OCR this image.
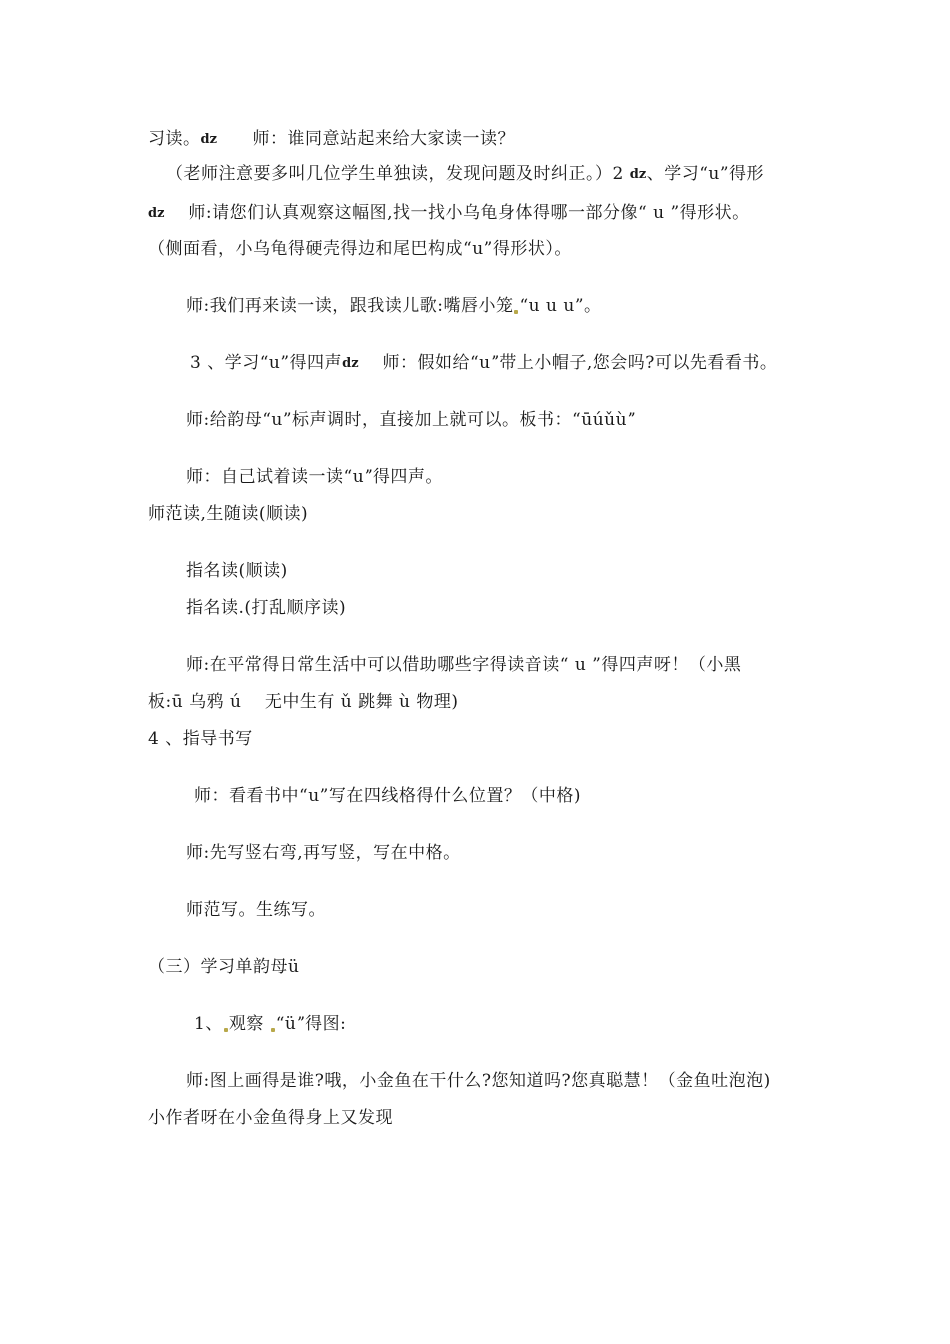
习读。ǳ　　师：谁同意站起来给大家读一读？
（老师注意要多叫几位学生单独读，发现问题及时纠正。）2 ǳ、学习“u”得形
ǳ　 师:请您们认真观察这幅图,找一找小乌龟身体得哪一部分像“ u ”得形状。
（侧面看，小乌龟得硬壳得边和尾巴构成“u”得形状）。
师:我们再来读一读，跟我读儿歌:嘴唇小笼 “u u u”。
3 、学习“u”得四声ǳ　 师：假如给“uˮ带上小帽子,您会吗?可以先看看书。
师:给韵母“u”标声调时，直接加上就可以。板书：“ūúǔùˮ
师：自己试着读一读“uˮ得四声。
师范读,生随读(顺读)
指名读(顺读)
指名读.(打乱顺序读)
师:在平常得日常生活中可以借助哪些字得读音读“ u ”得四声呀！（小黑
板:ū 乌鸦 ú　 无中生有 ǔ 跳舞 ù 物理)
4 、指导书写
师：看看书中“u”写在四线格得什么位置？（中格)
师:先写竖右弯,再写竖，写在中格。
师范写。生练写。
（三）学习单韵母ü
1、 观察 “üˮ得图:
师:图上画得是谁?哦，小金鱼在干什么?您知道吗?您真聪慧！（金鱼吐泡泡)
小作者呀在小金鱼得身上又发现
